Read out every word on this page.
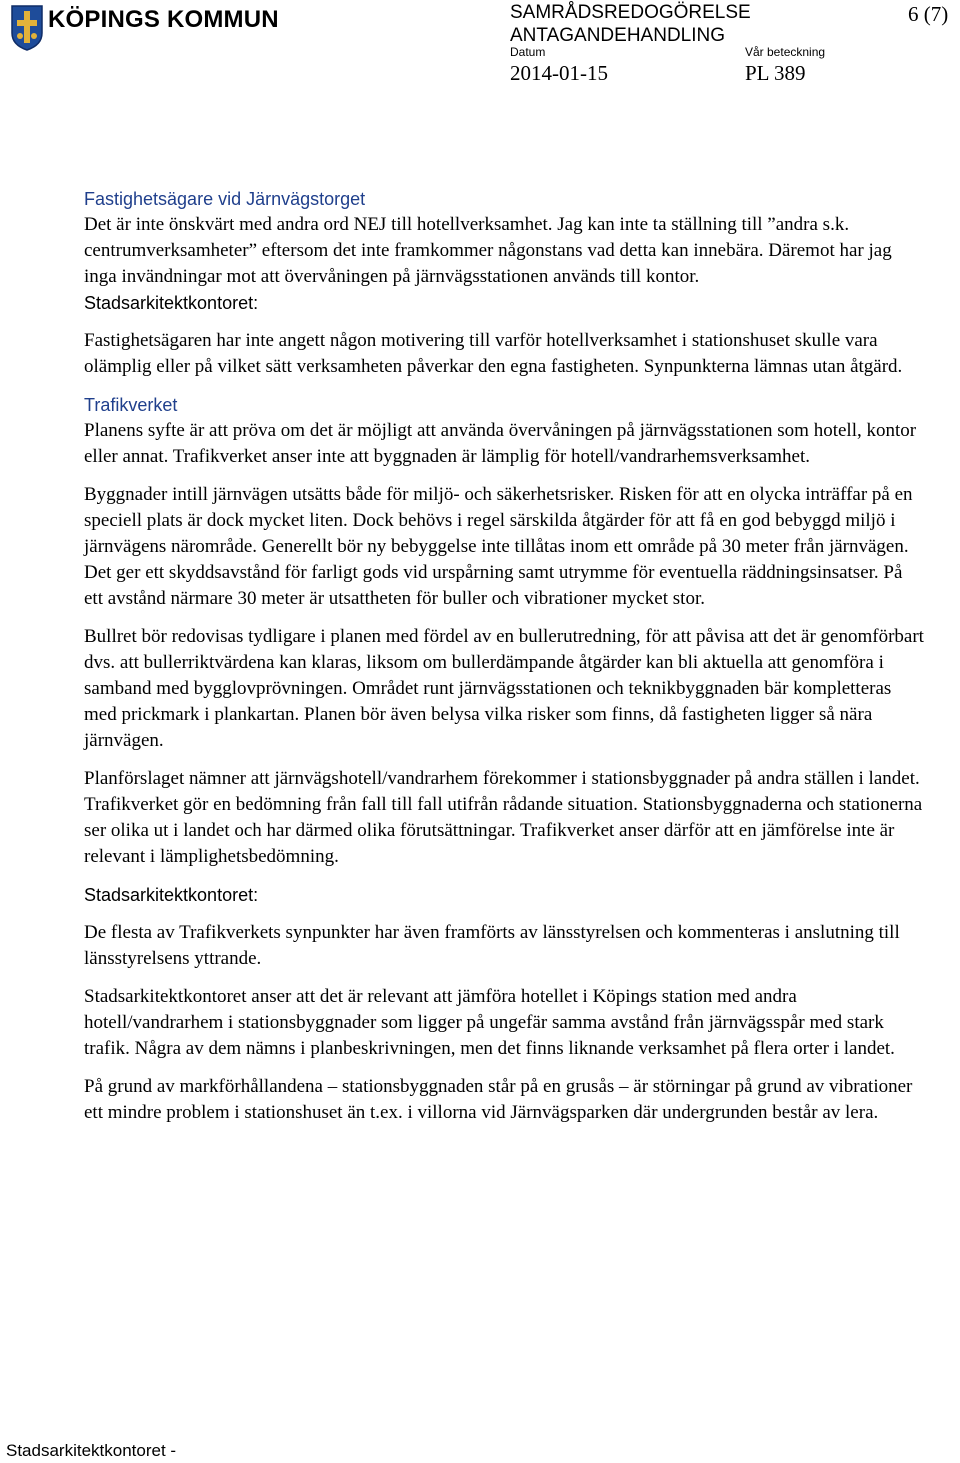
KÖPINGS KOMMUN	SAMRÅDSREDOGÖRELSE
ANTAGANDEHANDLING
Datum	Vår beteckning
2014-01-15	PL 389
6 (7)
Fastighetsägare vid Järnvägstorget

Det är inte önskvärt med andra ord NEJ till hotellverksamhet. Jag kan inte ta ställning till ”andra s.k. centrumverksamheter” eftersom det inte framkommer någonstans vad detta kan innebära. Däremot har jag inga invändningar mot att övervåningen på järnvägsstationen används till kontor.

Stadsarkitektkontoret:

Fastighetsägaren har inte angett någon motivering till varför hotellverksamhet i stationshuset skulle vara olämplig eller på vilket sätt verksamheten påverkar den egna fastigheten. Synpunkterna lämnas utan åtgärd.

Trafikverket

Planens syfte är att pröva om det är möjligt att använda övervåningen på järnvägsstationen som hotell, kontor eller annat. Trafikverket anser inte att byggnaden är lämplig för hotell/vandrarhemsverksamhet.

Byggnader intill järnvägen utsätts både för miljö- och säkerhetsrisker. Risken för att en olycka inträffar på en speciell plats är dock mycket liten. Dock behövs i regel särskilda åtgärder för att få en god bebyggd miljö i järnvägens närområde. Generellt bör ny bebyggelse inte tillåtas inom ett område på 30 meter från järnvägen. Det ger ett skyddsavstånd för farligt gods vid urspårning samt utrymme för eventuella räddningsinsatser. På ett avstånd närmare 30 meter är utsattheten för buller och vibrationer mycket stor.

Bullret bör redovisas tydligare i planen med fördel av en bullerutredning, för att påvisa att det är genomförbart dvs. att bullerriktvärdena kan klaras, liksom om bullerdämpande åtgärder kan bli aktuella att genomföra i samband med bygglovprövningen. Området runt järnvägsstationen och teknikbyggnaden bär kompletteras med prickmark i plankartan. Planen bör även belysa vilka risker som finns, då fastigheten ligger så nära järnvägen.

Planförslaget nämner att järnvägshotell/vandrarhem förekommer i stationsbyggnader på andra ställen i landet. Trafikverket gör en bedömning från fall till fall utifrån rådande situation. Stationsbyggnaderna och stationerna ser olika ut i landet och har därmed olika förutsättningar. Trafikverket anser därför att en jämförelse inte är relevant i lämplighetsbedömning.

Stadsarkitektkontoret:

De flesta av Trafikverkets synpunkter har även framförts av länsstyrelsen och kommenteras i anslutning till länsstyrelsens yttrande.

Stadsarkitektkontoret anser att det är relevant att jämföra hotellet i Köpings station med andra hotell/vandrarhem i stationsbyggnader som ligger på ungefär samma avstånd från järnvägsspår med stark trafik. Några av dem nämns i planbeskrivningen, men det finns liknande verksamhet på flera orter i landet.

På grund av markförhållandena – stationsbyggnaden står på en grusås – är störningar på grund av vibrationer ett mindre problem i stationshuset än t.ex. i villorna vid Järnvägsparken där undergrunden består av lera.

Stadsarkitektkontoret -
